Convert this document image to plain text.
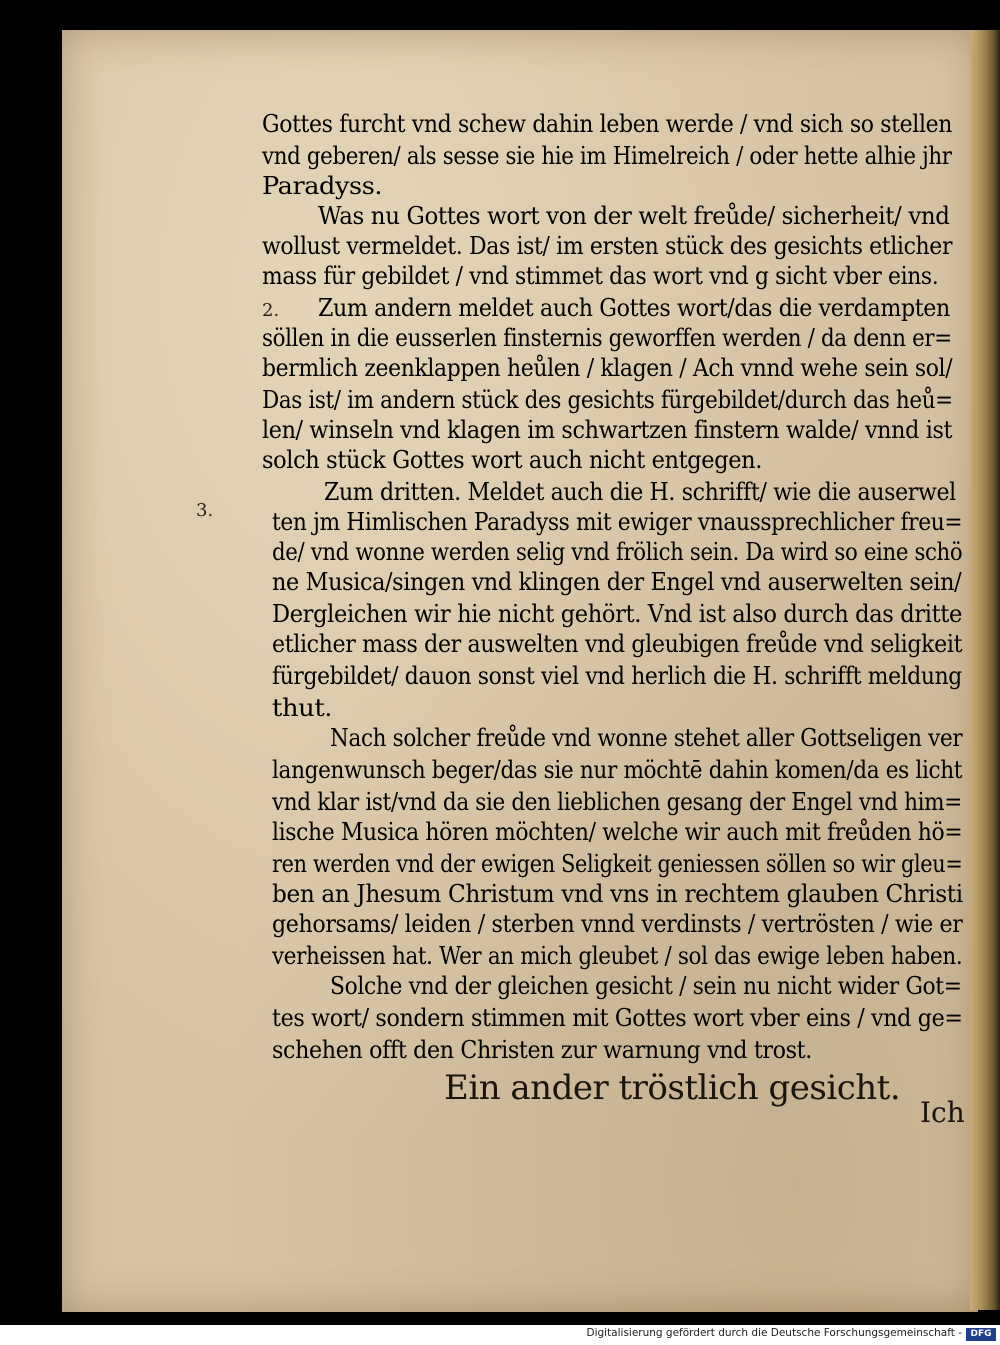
Gottes furcht vnd schew dahin leben werde / vnd sich so stellen
vnd geberen/ als sesse sie hie im Himelreich / oder hette alhie jhr
Paradyss.
Was nu Gottes wort von der welt freůde/ sicherheit/ vnd
wollust vermeldet. Das ist/ im ersten stück des gesichts etlicher
mass für gebildet / vnd stimmet das wort vnd g sicht vber eins.
Zum andern meldet auch Gottes wort/das die verdampten
söllen in die eusserlen finsternis geworffen werden / da denn er=
bermlich zeenklappen heůlen / klagen / Ach vnnd wehe sein sol/
Das ist/ im andern stück des gesichts fürgebildet/durch das heů=
len/ winseln vnd klagen im schwartzen finstern walde/ vnnd ist
solch stück Gottes wort auch nicht entgegen.
Zum dritten. Meldet auch die H. schrifft/ wie die auserwel
ten jm Himlischen Paradyss mit ewiger vnaussprechlicher freu=
de/ vnd wonne werden selig vnd frölich sein. Da wird so eine schö
ne Musica/singen vnd klingen der Engel vnd auserwelten sein/
Dergleichen wir hie nicht gehört. Vnd ist also durch das dritte
etlicher mass der auswelten vnd gleubigen freůde vnd seligkeit
fürgebildet/ dauon sonst viel vnd herlich die H. schrifft meldung
thut.
Nach solcher freůde vnd wonne stehet aller Gottseligen ver
langenwunsch beger/das sie nur möchtē dahin komen/da es licht
vnd klar ist/vnd da sie den lieblichen gesang der Engel vnd him=
lische Musica hören möchten/ welche wir auch mit freůden hö=
ren werden vnd der ewigen Seligkeit geniessen söllen so wir gleu=
ben an Jhesum Christum vnd vns in rechtem glauben Christi
gehorsams/ leiden / sterben vnnd verdinsts / vertrösten / wie er
verheissen hat. Wer an mich gleubet / sol das ewige leben haben.
Solche vnd der gleichen gesicht / sein nu nicht wider Got=
tes wort/ sondern stimmen mit Gottes wort vber eins / vnd ge=
schehen offt den Christen zur warnung vnd trost.
2.
3.
Ein ander tröstlich gesicht.
Ich
Digitalisierung gefördert durch die Deutsche Forschungsgemeinschaft - DFG
